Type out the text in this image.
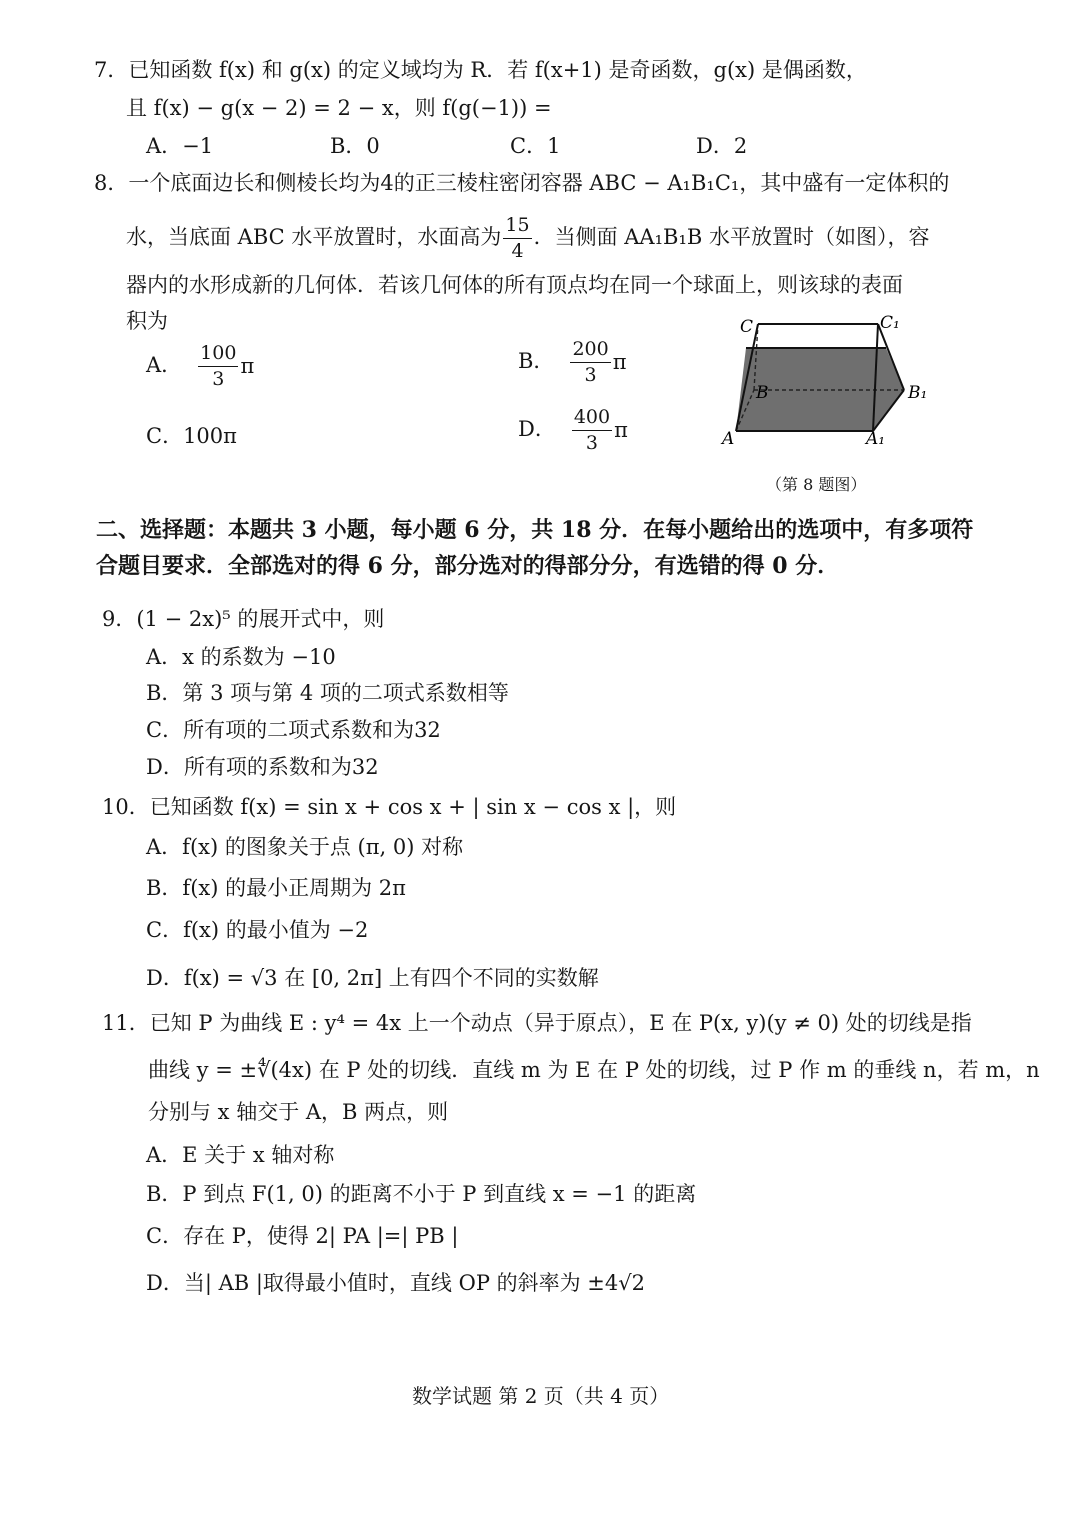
7．已知函数 f(x) 和 g(x) 的定义域均为 R．若 f(x+1) 是奇函数，g(x) 是偶函数，
且 f(x) − g(x − 2) = 2 − x，则 f(g(−1)) =
A．−1	B．0	C．1	D．2
8．一个底面边长和侧棱长均为4的正三棱柱密闭容器 ABC − A₁B₁C₁，其中盛有一定体积的
水，当底面 ABC 水平放置时，水面高为 $\frac{15}{4}$ ．当侧面 AA₁B₁B 水平放置时（如图），容
器内的水形成新的几何体．若该几何体的所有顶点均在同一个球面上，则该球的表面
积为
A． $\frac{100}{3}$ π	B． $\frac{200}{3}$ π
C．100π	D． $\frac{400}{3}$ π
C	C₁
B	B₁
A	A₁
（第 8 题图）
二、选择题：本题共 3 小题，每小题 6 分，共 18 分．在每小题给出的选项中，有多项符
合题目要求．全部选对的得 6 分，部分选对的得部分分，有选错的得 0 分．
9．(1 − 2x)⁵ 的展开式中，则
A．x 的系数为 −10
B．第 3 项与第 4 项的二项式系数相等
C．所有项的二项式系数和为32
D．所有项的系数和为32
10．已知函数 f(x) = sin x + cos x + | sin x − cos x |，则
A．f(x) 的图象关于点 (π, 0) 对称
B．f(x) 的最小正周期为 2π
C．f(x) 的最小值为 −2
D．f(x) = √3 在 [0, 2π] 上有四个不同的实数解
11．已知 P 为曲线 E : y⁴ = 4x 上一个动点（异于原点），E 在 P(x, y)(y ≠ 0) 处的切线是指
曲线 y = ±∜(4x) 在 P 处的切线．直线 m 为 E 在 P 处的切线，过 P 作 m 的垂线 n，若 m，n
分别与 x 轴交于 A，B 两点，则
A．E 关于 x 轴对称
B．P 到点 F(1, 0) 的距离不小于 P 到直线 x = −1 的距离
C．存在 P，使得 2| PA |=| PB |
D．当| AB |取得最小值时，直线 OP 的斜率为 ±4√2
数学试题 第 2 页（共 4 页）
